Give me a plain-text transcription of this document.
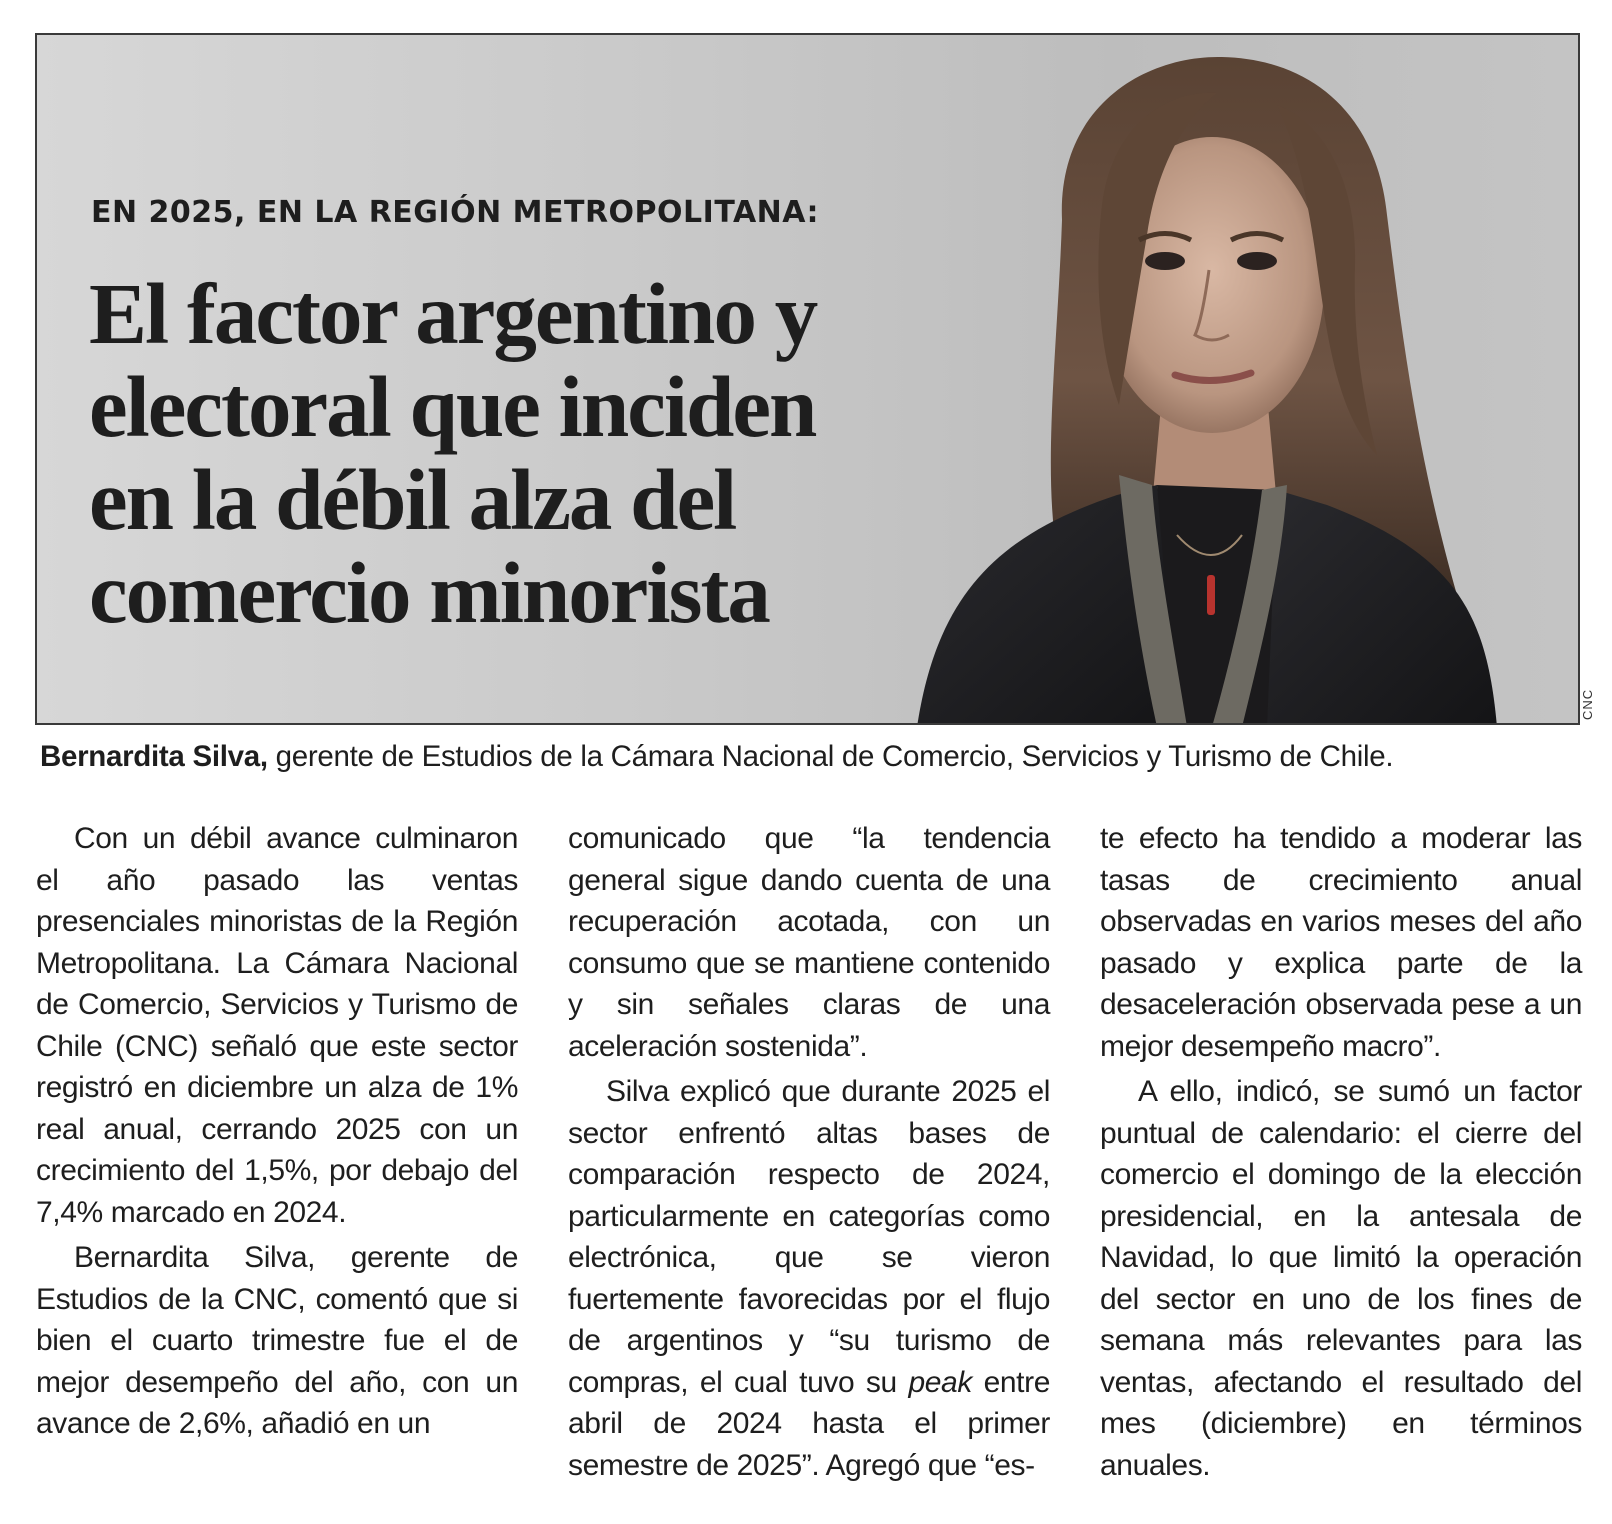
EN 2025, EN LA REGIÓN METROPOLITANA:
El factor argentino y electoral que inciden en la débil alza del comercio minorista
CNC

Bernardita Silva, gerente de Estudios de la Cámara Nacional de Comercio, Servicios y Turismo de Chile.

Con un débil avance culminaron el año pasado las ventas presenciales minoristas de la Región Metropolitana. La Cámara Nacional de Comercio, Servicios y Turismo de Chile (CNC) señaló que este sector registró en diciembre un alza de 1% real anual, cerrando 2025 con un crecimiento del 1,5%, por debajo del 7,4% marcado en 2024.

Bernardita Silva, gerente de Estudios de la CNC, comentó que si bien el cuarto trimestre fue el de mejor desempeño del año, con un avance de 2,6%, añadió en un

comunicado que “la tendencia general sigue dando cuenta de una recuperación acotada, con un consumo que se mantiene contenido y sin señales claras de una aceleración sostenida”.

Silva explicó que durante 2025 el sector enfrentó altas bases de comparación respecto de 2024, particularmente en categorías como electrónica, que se vieron fuertemente favorecidas por el flujo de argentinos y “su turismo de compras, el cual tuvo su peak entre abril de 2024 hasta el primer semestre de 2025”. Agregó que “es-

te efecto ha tendido a moderar las tasas de crecimiento anual observadas en varios meses del año pasado y explica parte de la desaceleración observada pese a un mejor desempeño macro”.

A ello, indicó, se sumó un factor puntual de calendario: el cierre del comercio el domingo de la elección presidencial, en la antesala de Navidad, lo que limitó la operación del sector en uno de los fines de semana más relevantes para las ventas, afectando el resultado del mes (diciembre) en términos anuales.
